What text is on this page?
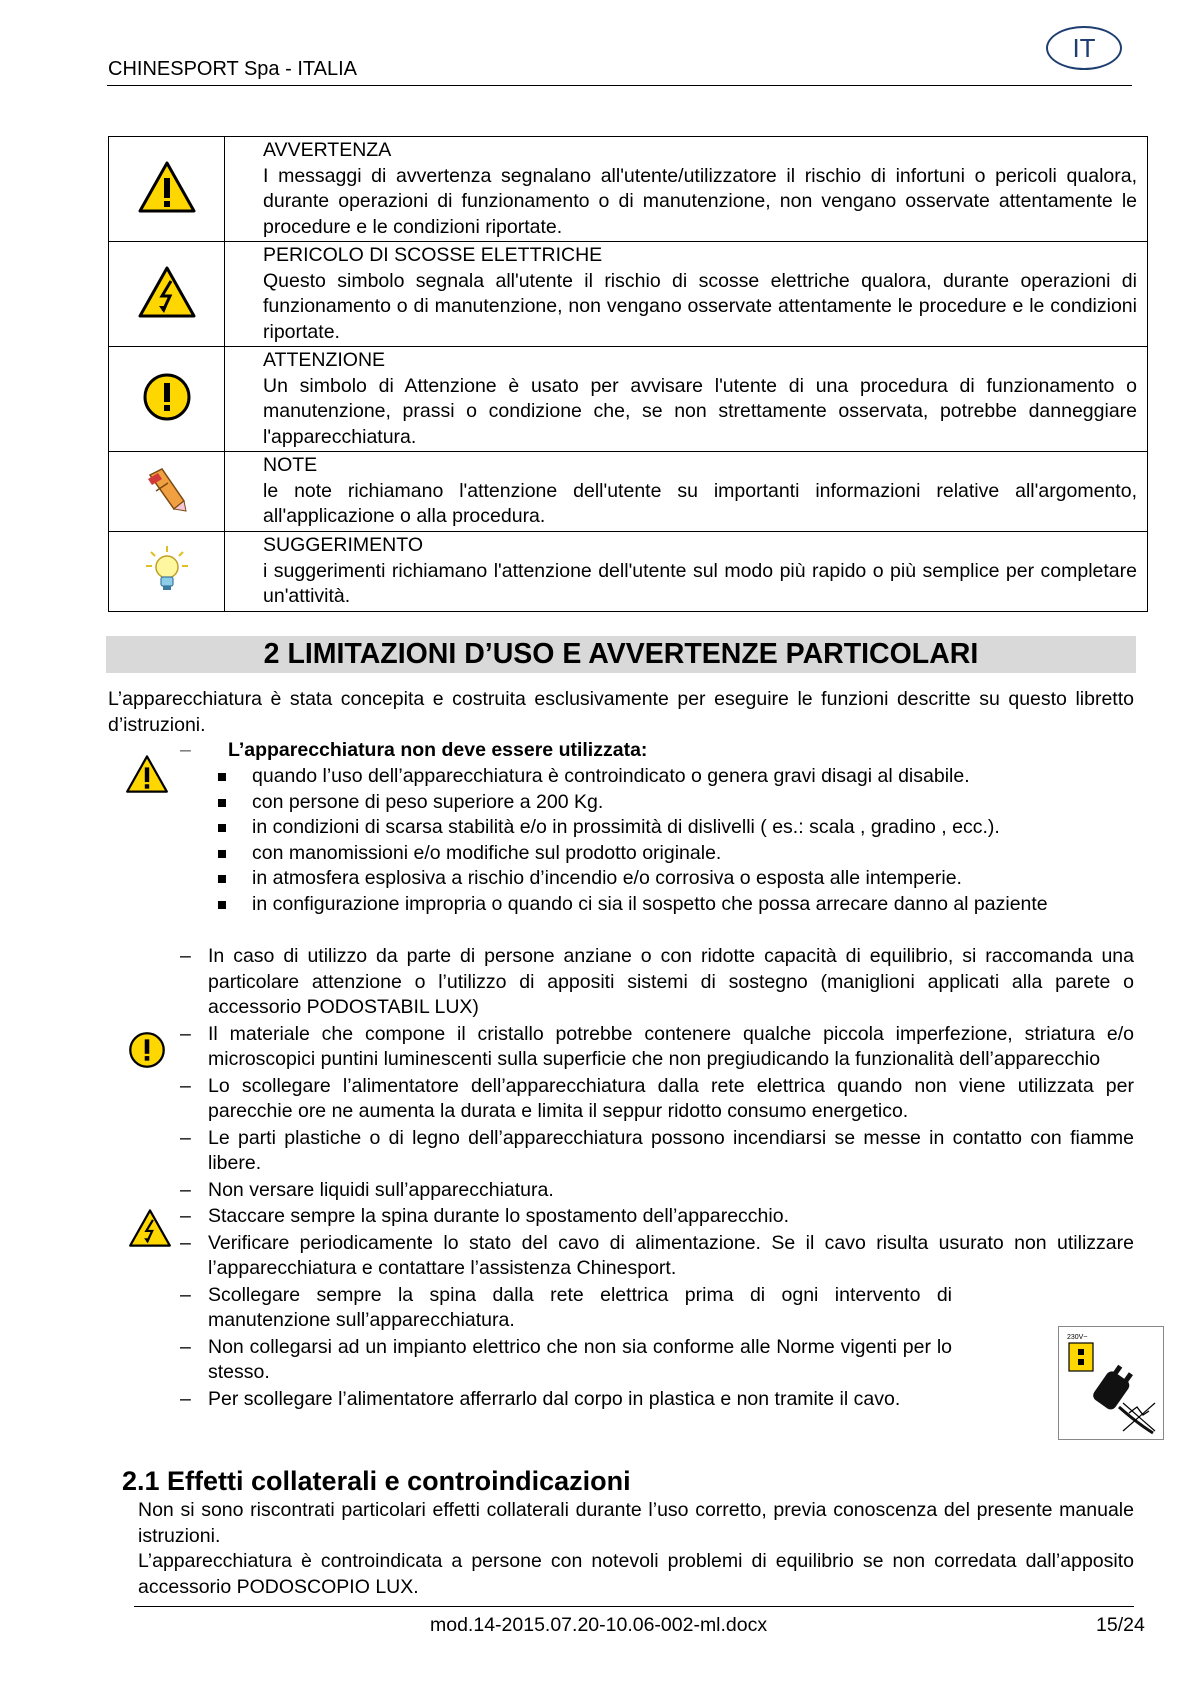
CHINESPORT Spa - ITALIA
IT

AVVERTENZA
I messaggi di avvertenza segnalano all'utente/utilizzatore il rischio di infortuni o pericoli qualora, durante operazioni di funzionamento o di manutenzione, non vengano osservate attentamente le procedure e le condizioni riportate.

PERICOLO DI SCOSSE ELETTRICHE
Questo simbolo segnala all'utente il rischio di scosse elettriche qualora, durante operazioni di funzionamento o di manutenzione, non vengano osservate attentamente le procedure e le condizioni riportate.

ATTENZIONE
Un simbolo di Attenzione è usato per avvisare l'utente di una procedura di funzionamento o manutenzione, prassi o condizione che, se non strettamente osservata, potrebbe danneggiare l'apparecchiatura.

NOTE
le note richiamano l'attenzione dell'utente su importanti informazioni relative all'argomento, all'applicazione o alla procedura.

SUGGERIMENTO
i suggerimenti richiamano l'attenzione dell'utente sul modo più rapido o più semplice per completare un'attività.
2 LIMITAZIONI D’USO E AVVERTENZE PARTICOLARI
L’apparecchiatura è stata concepita e costruita esclusivamente per eseguire le funzioni descritte su questo libretto d’istruzioni.
– L’apparecchiatura non deve essere utilizzata:
quando l’uso dell’apparecchiatura è controindicato o genera gravi disagi al disabile.
con persone di peso superiore a 200 Kg.
in condizioni di scarsa stabilità e/o in prossimità di dislivelli ( es.: scala , gradino , ecc.).
con manomissioni e/o modifiche sul prodotto originale.
in atmosfera esplosiva a rischio d’incendio e/o corrosiva o esposta alle intemperie.
in configurazione impropria o quando ci sia il sospetto che possa arrecare danno al paziente
– In caso di utilizzo da parte di persone anziane o con ridotte capacità di equilibrio, si raccomanda una particolare attenzione o l’utilizzo di appositi sistemi di sostegno (maniglioni applicati alla parete o accessorio PODOSTABIL LUX)
– Il materiale che compone il cristallo potrebbe contenere qualche piccola imperfezione, striatura e/o microscopici puntini luminescenti sulla superficie che non pregiudicando la funzionalità dell’apparecchio
– Lo scollegare l’alimentatore dell’apparecchiatura dalla rete elettrica quando non viene utilizzata per parecchie ore ne aumenta la durata e limita il seppur ridotto consumo energetico.
– Le parti plastiche o di legno dell’apparecchiatura possono incendiarsi se messe in contatto con fiamme libere.
– Non versare liquidi sull’apparecchiatura.
– Staccare sempre la spina durante lo spostamento dell’apparecchio.
– Verificare periodicamente lo stato del cavo di alimentazione. Se il cavo risulta usurato non utilizzare l’apparecchiatura e contattare l’assistenza Chinesport.
– Scollegare sempre la spina dalla rete elettrica prima di ogni intervento di manutenzione sull’apparecchiatura.
– Non collegarsi ad un impianto elettrico che non sia conforme alle Norme vigenti per lo stesso.
– Per scollegare l’alimentatore afferrarlo dal corpo in plastica e non tramite il cavo.
230V~
2.1 Effetti collaterali e controindicazioni
Non si sono riscontrati particolari effetti collaterali durante l’uso corretto, previa conoscenza del presente manuale istruzioni.
L’apparecchiatura è controindicata a persone con notevoli problemi di equilibrio se non corredata dall’apposito accessorio PODOSCOPIO LUX.
mod.14-2015.07.20-10.06-002-ml.docx	15/24
